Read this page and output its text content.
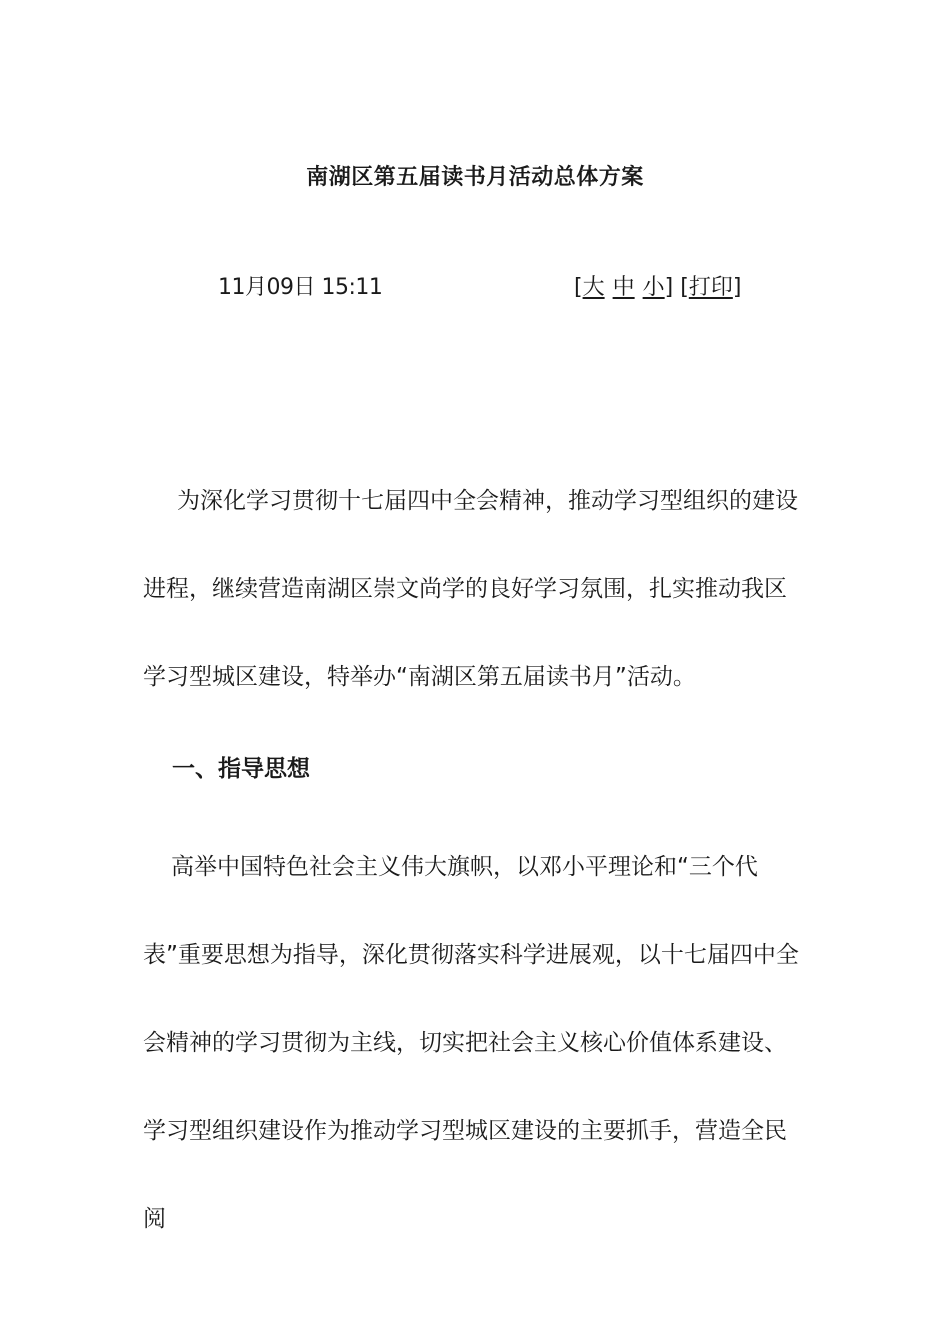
南湖区第五届读书月活动总体方案
11月09日 15:11	[大 中 小] [打印]

为深化学习贯彻十七届四中全会精神，推动学习型组织的建设进程，继续营造南湖区崇文尚学的良好学习氛围，扎实推动我区学习型城区建设，特举办“南湖区第五届读书月”活动。

一、指导思想

高举中国特色社会主义伟大旗帜，以邓小平理论和“三个代表”重要思想为指导，深化贯彻落实科学进展观，以十七届四中全会精神的学习贯彻为主线，切实把社会主义核心价值体系建设、学习型组织建设作为推动学习型城区建设的主要抓手，营造全民阅
